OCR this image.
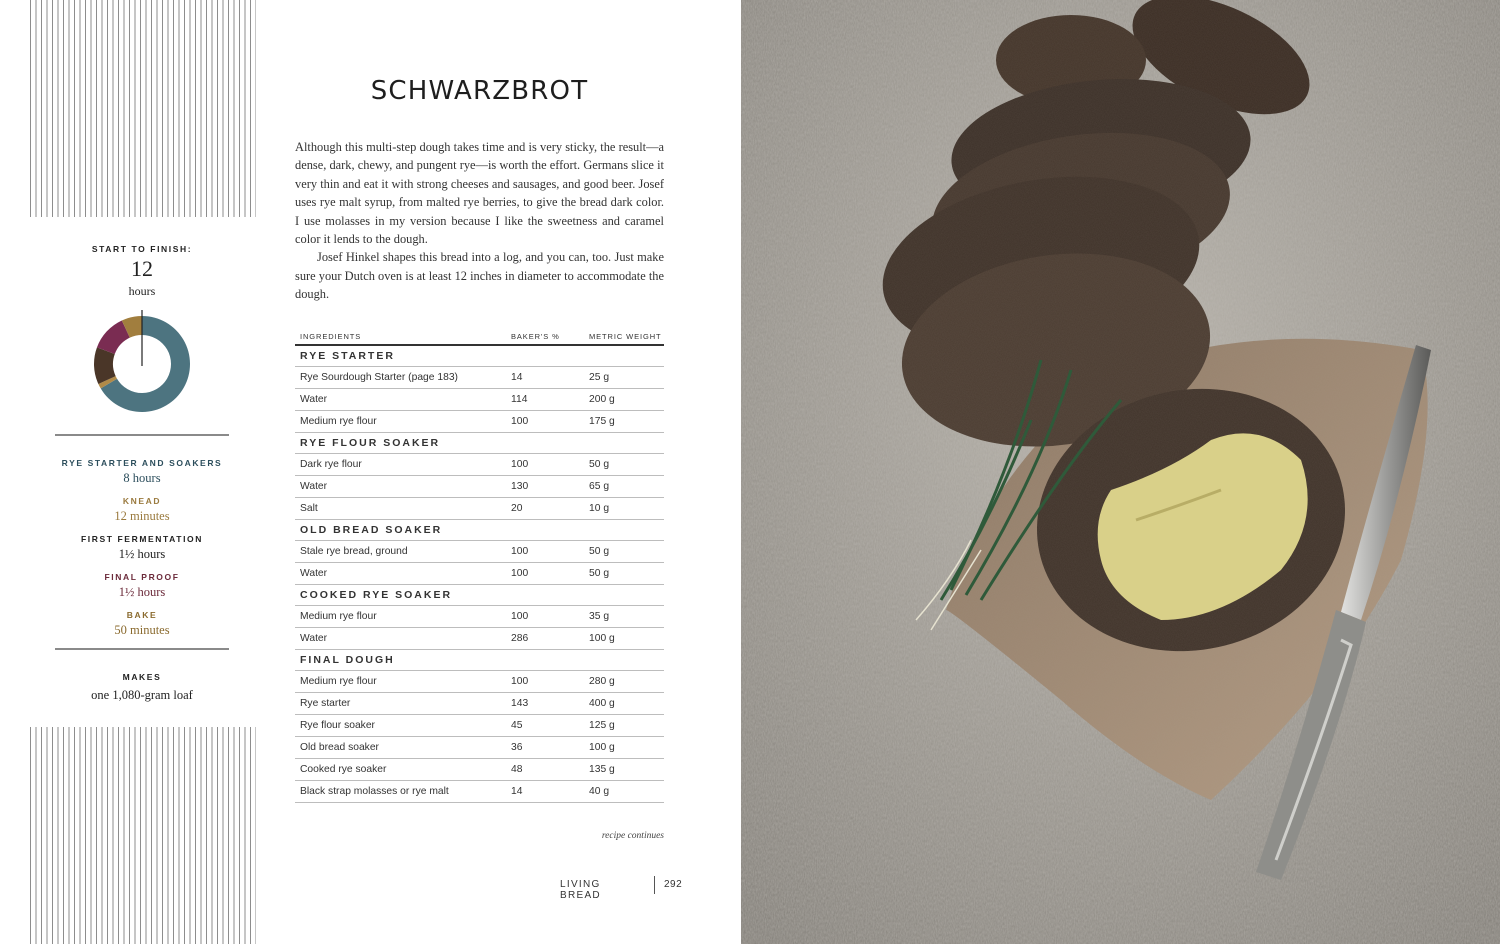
START TO FINISH:
12
hours
RYE STARTER AND SOAKERS
8 hours
KNEAD
12 minutes
FIRST FERMENTATION
1½ hours
FINAL PROOF
1½ hours
BAKE
50 minutes
MAKES
one 1,080-gram loaf
SCHWARZBROT

Although this multi-step dough takes time and is very sticky, the result—a dense, dark, chewy, and pungent rye—is worth the effort. Germans slice it very thin and eat it with strong cheeses and sausages, and good beer. Josef uses rye malt syrup, from malted rye berries, to give the bread dark color. I use molasses in my version because I like the sweetness and caramel color it lends to the dough.

Josef Hinkel shapes this bread into a log, and you can, too. Just make sure your Dutch oven is at least 12 inches in diameter to accommodate the dough.

INGREDIENTS	BAKER'S %	METRIC WEIGHT
RYE STARTER		
Rye Sourdough Starter (page 183)	14	25 g
Water	114	200 g
Medium rye flour	100	175 g
RYE FLOUR SOAKER		
Dark rye flour	100	50 g
Water	130	65 g
Salt	20	10 g
OLD BREAD SOAKER		
Stale rye bread, ground	100	50 g
Water	100	50 g
COOKED RYE SOAKER		
Medium rye flour	100	35 g
Water	286	100 g
FINAL DOUGH		
Medium rye flour	100	280 g
Rye starter	143	400 g
Rye flour soaker	45	125 g
Old bread soaker	36	100 g
Cooked rye soaker	48	135 g
Black strap molasses or rye malt	14	40 g
recipe continues
LIVING BREAD
292
